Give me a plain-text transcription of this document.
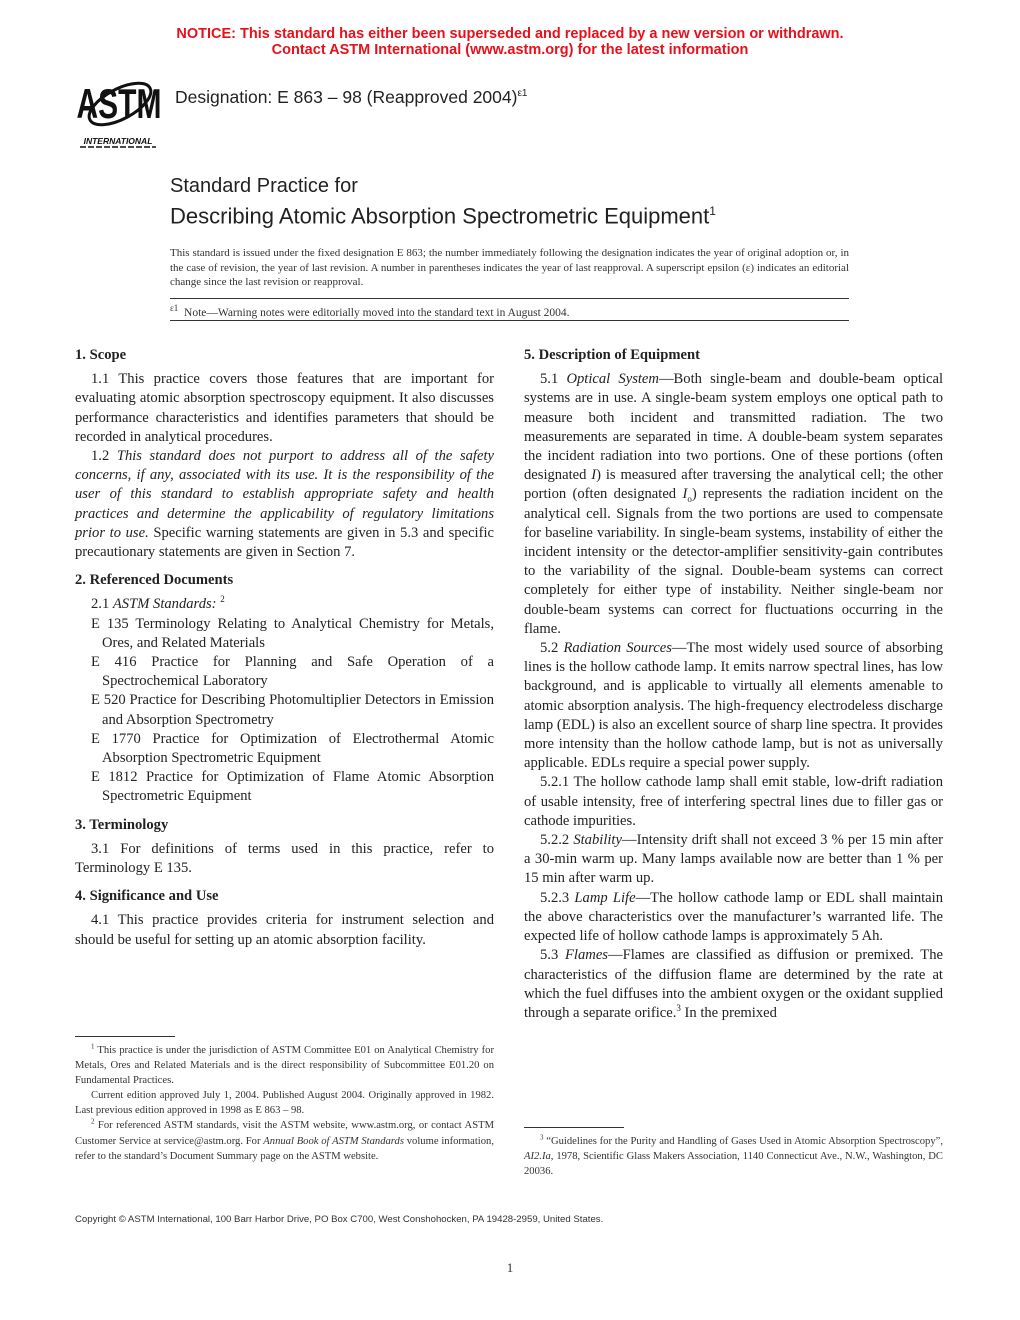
NOTICE: This standard has either been superseded and replaced by a new version or withdrawn.
Contact ASTM International (www.astm.org) for the latest information
ASTM
INTERNATIONAL
Designation: E 863 – 98 (Reapproved 2004)$^{\varepsilon 1}$
Standard Practice for
Describing Atomic Absorption Spectrometric Equipment$^1$
This standard is issued under the fixed designation E 863; the number immediately following the designation indicates the year of original adoption or, in the case of revision, the year of last revision. A number in parentheses indicates the year of last reapproval. A superscript epsilon (ε) indicates an editorial change since the last revision or reapproval.
$^{\varepsilon 1}$ Note—Warning notes were editorially moved into the standard text in August 2004.
1. Scope

1.1 This practice covers those features that are important for evaluating atomic absorption spectroscopy equipment. It also discusses performance characteristics and identifies parameters that should be recorded in analytical procedures.

1.2 This standard does not purport to address all of the safety concerns, if any, associated with its use. It is the responsibility of the user of this standard to establish appropriate safety and health practices and determine the applicability of regulatory limitations prior to use. Specific warning statements are given in 5.3 and specific precautionary statements are given in Section 7.

2. Referenced Documents

2.1 ASTM Standards: $^2$

E 135 Terminology Relating to Analytical Chemistry for Metals, Ores, and Related Materials

E 416 Practice for Planning and Safe Operation of a Spectrochemical Laboratory

E 520 Practice for Describing Photomultiplier Detectors in Emission and Absorption Spectrometry

E 1770 Practice for Optimization of Electrothermal Atomic Absorption Spectrometric Equipment

E 1812 Practice for Optimization of Flame Atomic Absorption Spectrometric Equipment

3. Terminology

3.1 For definitions of terms used in this practice, refer to Terminology E 135.

4. Significance and Use

4.1 This practice provides criteria for instrument selection and should be useful for setting up an atomic absorption facility.

5. Description of Equipment

5.1 Optical System—Both single-beam and double-beam optical systems are in use. A single-beam system employs one optical path to measure both incident and transmitted radiation. The two measurements are separated in time. A double-beam system separates the incident radiation into two portions. One of these portions (often designated I) is measured after traversing the analytical cell; the other portion (often designated $I_o$) represents the radiation incident on the analytical cell. Signals from the two portions are used to compensate for baseline variability. In single-beam systems, instability of either the incident intensity or the detector-amplifier sensitivity-gain contributes to the variability of the signal. Double-beam systems can correct completely for either type of instability. Neither single-beam nor double-beam systems can correct for fluctuations occurring in the flame.

5.2 Radiation Sources—The most widely used source of absorbing lines is the hollow cathode lamp. It emits narrow spectral lines, has low background, and is applicable to virtually all elements amenable to atomic absorption analysis. The high-frequency electrodeless discharge lamp (EDL) is also an excellent source of sharp line spectra. It provides more intensity than the hollow cathode lamp, but is not as universally applicable. EDLs require a special power supply.

5.2.1 The hollow cathode lamp shall emit stable, low-drift radiation of usable intensity, free of interfering spectral lines due to filler gas or cathode impurities.

5.2.2 Stability—Intensity drift shall not exceed 3 % per 15 min after a 30-min warm up. Many lamps available now are better than 1 % per 15 min after warm up.

5.2.3 Lamp Life—The hollow cathode lamp or EDL shall maintain the above characteristics over the manufacturer’s warranted life. The expected life of hollow cathode lamps is approximately 5 Ah.

5.3 Flames—Flames are classified as diffusion or premixed. The characteristics of the diffusion flame are determined by the rate at which the fuel diffuses into the ambient oxygen or the oxidant supplied through a separate orifice.$^3$ In the premixed

$^1$ This practice is under the jurisdiction of ASTM Committee E01 on Analytical Chemistry for Metals, Ores and Related Materials and is the direct responsibility of Subcommittee E01.20 on Fundamental Practices.

Current edition approved July 1, 2004. Published August 2004. Originally approved in 1982. Last previous edition approved in 1998 as E 863 – 98.

$^2$ For referenced ASTM standards, visit the ASTM website, www.astm.org, or contact ASTM Customer Service at service@astm.org. For Annual Book of ASTM Standards volume information, refer to the standard’s Document Summary page on the ASTM website.

$^3$ “Guidelines for the Purity and Handling of Gases Used in Atomic Absorption Spectroscopy”, AI2.Ia, 1978, Scientific Glass Makers Association, 1140 Connecticut Ave., N.W., Washington, DC 20036.

Copyright © ASTM International, 100 Barr Harbor Drive, PO Box C700, West Conshohocken, PA 19428-2959, United States.
1
